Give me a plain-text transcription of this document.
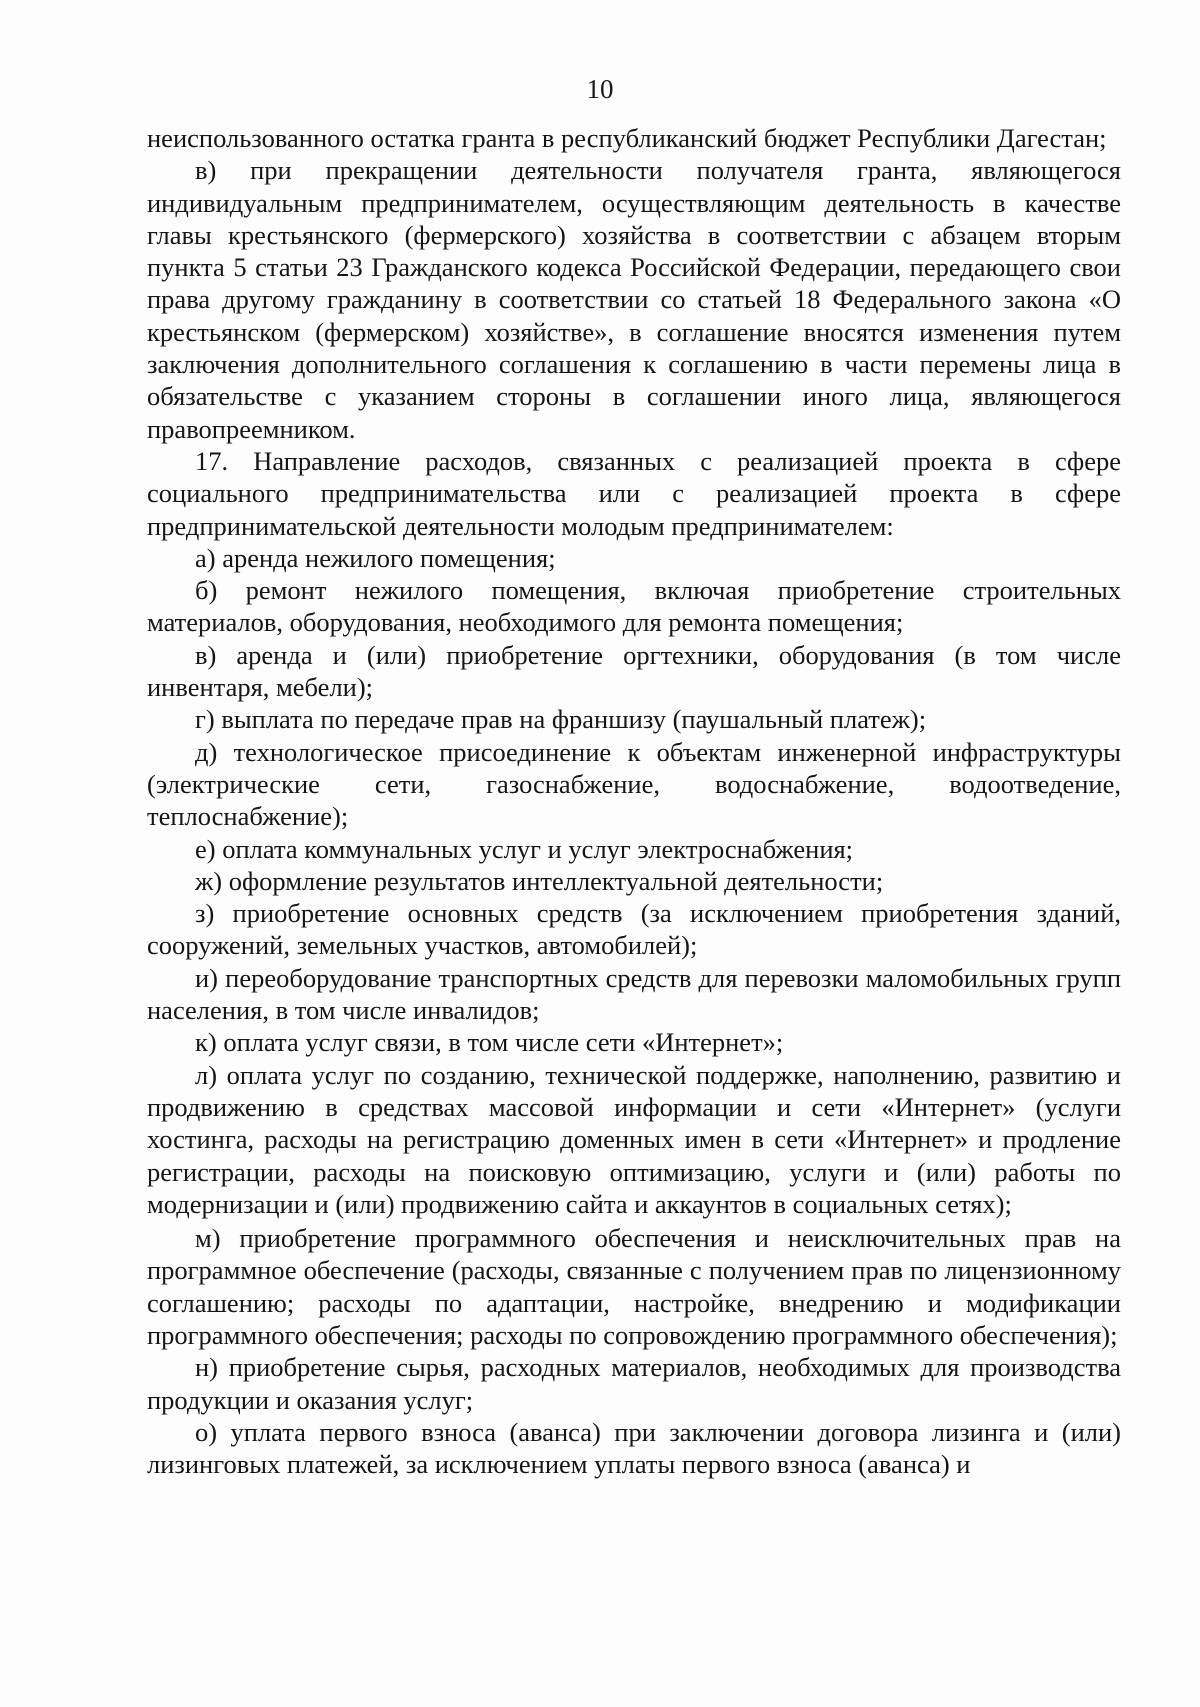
10

неиспользованного остатка гранта в республиканский бюджет Республики Дагестан;

в) при прекращении деятельности получателя гранта, являющегося индивидуальным предпринимателем, осуществляющим деятельность в качестве главы крестьянского (фермерского) хозяйства в соответствии с абзацем вторым пункта 5 статьи 23 Гражданского кодекса Российской Федерации, передающего свои права другому гражданину в соответствии со статьей 18 Федерального закона «О крестьянском (фермерском) хозяйстве», в соглашение вносятся изменения путем заключения дополнительного соглашения к соглашению в части перемены лица в обязательстве с указанием стороны в соглашении иного лица, являющегося правопреемником.

17. Направление расходов, связанных с реализацией проекта в сфере социального предпринимательства или с реализацией проекта в сфере предпринимательской деятельности молодым предпринимателем:

а) аренда нежилого помещения;

б) ремонт нежилого помещения, включая приобретение строительных материалов, оборудования, необходимого для ремонта помещения;

в) аренда и (или) приобретение оргтехники, оборудования (в том числе инвентаря, мебели);

г) выплата по передаче прав на франшизу (паушальный платеж);

д) технологическое присоединение к объектам инженерной инфраструктуры (электрические сети, газоснабжение, водоснабжение, водоотведение, теплоснабжение);

е) оплата коммунальных услуг и услуг электроснабжения;

ж) оформление результатов интеллектуальной деятельности;

з) приобретение основных средств (за исключением приобретения зданий, сооружений, земельных участков, автомобилей);

и) переоборудование транспортных средств для перевозки маломобильных групп населения, в том числе инвалидов;

к) оплата услуг связи, в том числе сети «Интернет»;

л) оплата услуг по созданию, технической поддержке, наполнению, развитию и продвижению в средствах массовой информации и сети «Интернет» (услуги хостинга, расходы на регистрацию доменных имен в сети «Интернет» и продление регистрации, расходы на поисковую оптимизацию, услуги и (или) работы по модернизации и (или) продвижению сайта и аккаунтов в социальных сетях);

м) приобретение программного обеспечения и неисключительных прав на программное обеспечение (расходы, связанные с получением прав по лицензионному соглашению; расходы по адаптации, настройке, внедрению и модификации программного обеспечения; расходы по сопровождению программного обеспечения);

н) приобретение сырья, расходных материалов, необходимых для производства продукции и оказания услуг;

о) уплата первого взноса (аванса) при заключении договора лизинга и (или) лизинговых платежей, за исключением уплаты первого взноса (аванса) и
